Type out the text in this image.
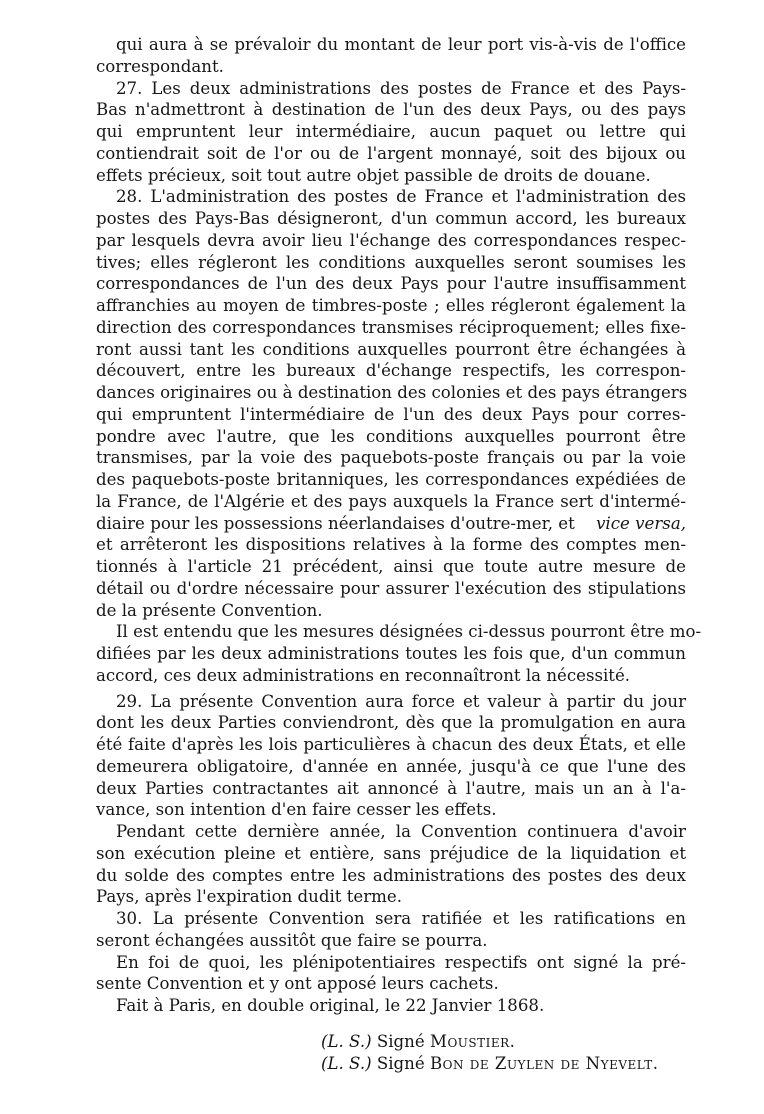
qui aura à se prévaloir du montant de leur port vis-à-vis de l'office
correspondant.
27. Les deux administrations des postes de France et des Pays-
Bas n'admettront à destination de l'un des deux Pays, ou des pays
qui empruntent leur intermédiaire, aucun paquet ou lettre qui
contiendrait soit de l'or ou de l'argent monnayé, soit des bijoux ou
effets précieux, soit tout autre objet passible de droits de douane.
28. L'administration des postes de France et l'administration des
postes des Pays-Bas désigneront, d'un commun accord, les bureaux
par lesquels devra avoir lieu l'échange des correspondances respec-
tives; elles régleront les conditions auxquelles seront soumises les
correspondances de l'un des deux Pays pour l'autre insuffisamment
affranchies au moyen de timbres-poste ; elles régleront également la
direction des correspondances transmises réciproquement; elles fixe-
ront aussi tant les conditions auxquelles pourront être échangées à
découvert, entre les bureaux d'échange respectifs, les correspon-
dances originaires ou à destination des colonies et des pays étrangers
qui empruntent l'intermédiaire de l'un des deux Pays pour corres-
pondre avec l'autre, que les conditions auxquelles pourront être
transmises, par la voie des paquebots-poste français ou par la voie
des paquebots-poste britanniques, les correspondances expédiées de
la France, de l'Algérie et des pays auxquels la France sert d'intermé-
diaire pour les possessions néerlandaises d'outre-mer, et vice versa,
et arrêteront les dispositions relatives à la forme des comptes men-
tionnés à l'article 21 précédent, ainsi que toute autre mesure de
détail ou d'ordre nécessaire pour assurer l'exécution des stipulations
de la présente Convention.
Il est entendu que les mesures désignées ci-dessus pourront être mo-
difiées par les deux administrations toutes les fois que, d'un commun
accord, ces deux administrations en reconnaîtront la nécessité.
29. La présente Convention aura force et valeur à partir du jour
dont les deux Parties conviendront, dès que la promulgation en aura
été faite d'après les lois particulières à chacun des deux États, et elle
demeurera obligatoire, d'année en année, jusqu'à ce que l'une des
deux Parties contractantes ait annoncé à l'autre, mais un an à l'a-
vance, son intention d'en faire cesser les effets.
Pendant cette dernière année, la Convention continuera d'avoir
son exécution pleine et entière, sans préjudice de la liquidation et
du solde des comptes entre les administrations des postes des deux
Pays, après l'expiration dudit terme.
30. La présente Convention sera ratifiée et les ratifications en
seront échangées aussitôt que faire se pourra.
En foi de quoi, les plénipotentiaires respectifs ont signé la pré-
sente Convention et y ont apposé leurs cachets.
Fait à Paris, en double original, le 22 Janvier 1868.
(L. S.) Signé Moustier.
(L. S.) Signé Bon de Zuylen de Nyevelt.
